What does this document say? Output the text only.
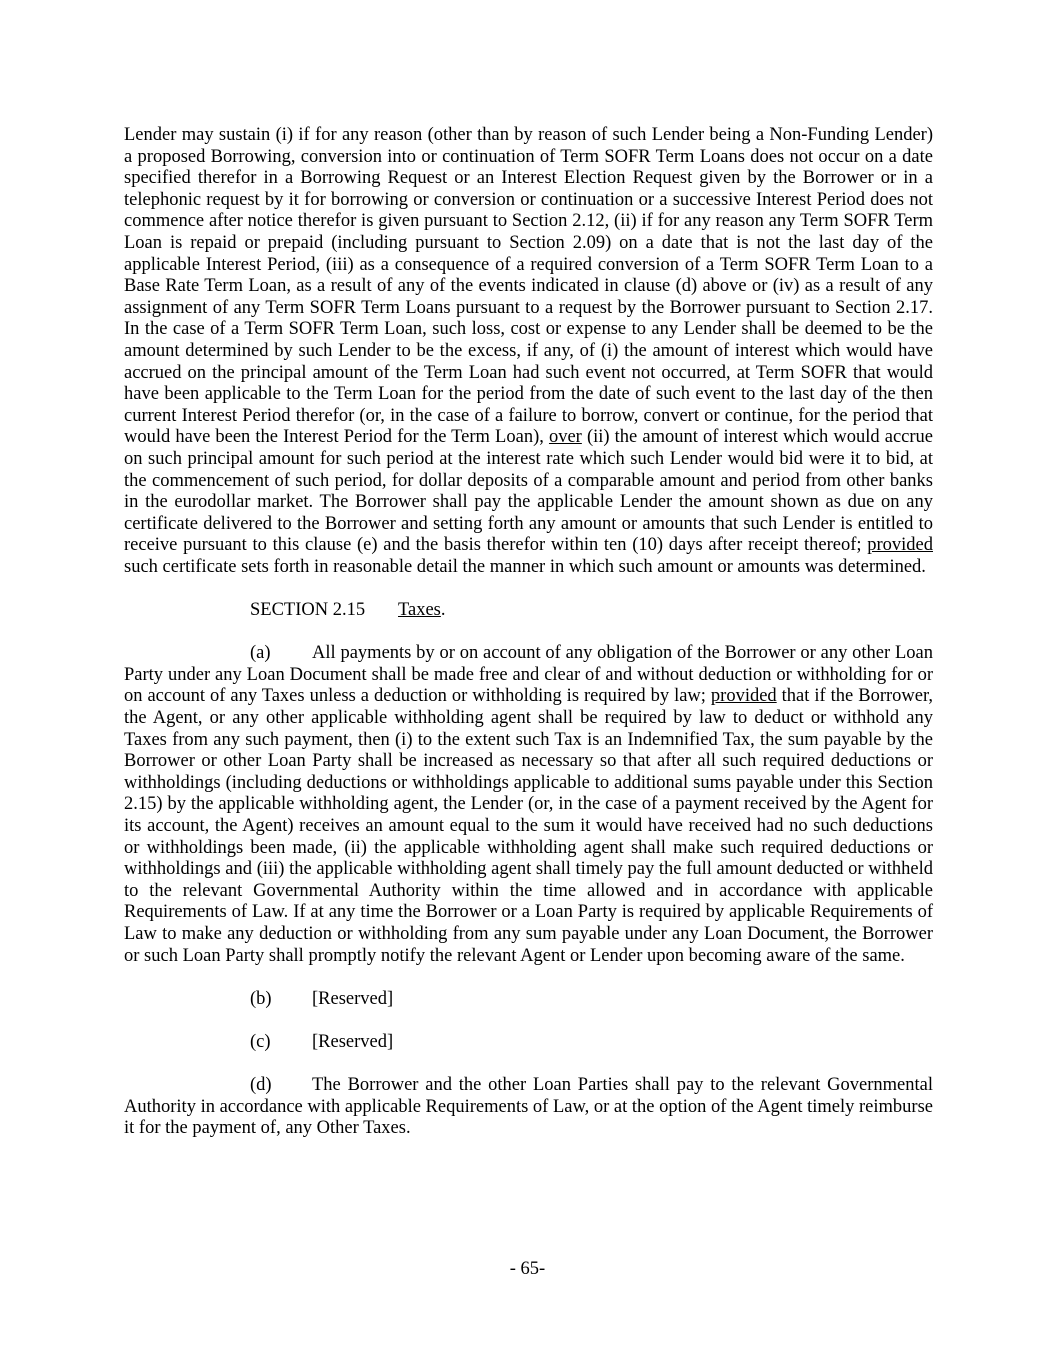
Lender may sustain (i) if for any reason (other than by reason of such Lender being a Non-Funding Lender) a proposed Borrowing, conversion into or continuation of Term SOFR Term Loans does not occur on a date specified therefor in a Borrowing Request or an Interest Election Request given by the Borrower or in a telephonic request by it for borrowing or conversion or continuation or a successive Interest Period does not commence after notice therefor is given pursuant to Section 2.12, (ii) if for any reason any Term SOFR Term Loan is repaid or prepaid (including pursuant to Section 2.09) on a date that is not the last day of the applicable Interest Period, (iii) as a consequence of a required conversion of a Term SOFR Term Loan to a Base Rate Term Loan, as a result of any of the events indicated in clause (d) above or (iv) as a result of any assignment of any Term SOFR Term Loans pursuant to a request by the Borrower pursuant to Section 2.17. In the case of a Term SOFR Term Loan, such loss, cost or expense to any Lender shall be deemed to be the amount determined by such Lender to be the excess, if any, of (i) the amount of interest which would have accrued on the principal amount of the Term Loan had such event not occurred, at Term SOFR that would have been applicable to the Term Loan for the period from the date of such event to the last day of the then current Interest Period therefor (or, in the case of a failure to borrow, convert or continue, for the period that would have been the Interest Period for the Term Loan), over (ii) the amount of interest which would accrue on such principal amount for such period at the interest rate which such Lender would bid were it to bid, at the commencement of such period, for dollar deposits of a comparable amount and period from other banks in the eurodollar market. The Borrower shall pay the applicable Lender the amount shown as due on any certificate delivered to the Borrower and setting forth any amount or amounts that such Lender is entitled to receive pursuant to this clause (e) and the basis therefor within ten (10) days after receipt thereof; provided such certificate sets forth in reasonable detail the manner in which such amount or amounts was determined.

SECTION 2.15 Taxes.

(a) All payments by or on account of any obligation of the Borrower or any other Loan Party under any Loan Document shall be made free and clear of and without deduction or withholding for or on account of any Taxes unless a deduction or withholding is required by law; provided that if the Borrower, the Agent, or any other applicable withholding agent shall be required by law to deduct or withhold any Taxes from any such payment, then (i) to the extent such Tax is an Indemnified Tax, the sum payable by the Borrower or other Loan Party shall be increased as necessary so that after all such required deductions or withholdings (including deductions or withholdings applicable to additional sums payable under this Section 2.15) by the applicable withholding agent, the Lender (or, in the case of a payment received by the Agent for its account, the Agent) receives an amount equal to the sum it would have received had no such deductions or withholdings been made, (ii) the applicable withholding agent shall make such required deductions or withholdings and (iii) the applicable withholding agent shall timely pay the full amount deducted or withheld to the relevant Governmental Authority within the time allowed and in accordance with applicable Requirements of Law. If at any time the Borrower or a Loan Party is required by applicable Requirements of Law to make any deduction or withholding from any sum payable under any Loan Document, the Borrower or such Loan Party shall promptly notify the relevant Agent or Lender upon becoming aware of the same.

(b) [Reserved]

(c) [Reserved]

(d) The Borrower and the other Loan Parties shall pay to the relevant Governmental Authority in accordance with applicable Requirements of Law, or at the option of the Agent timely reimburse it for the payment of, any Other Taxes.

- 65-
